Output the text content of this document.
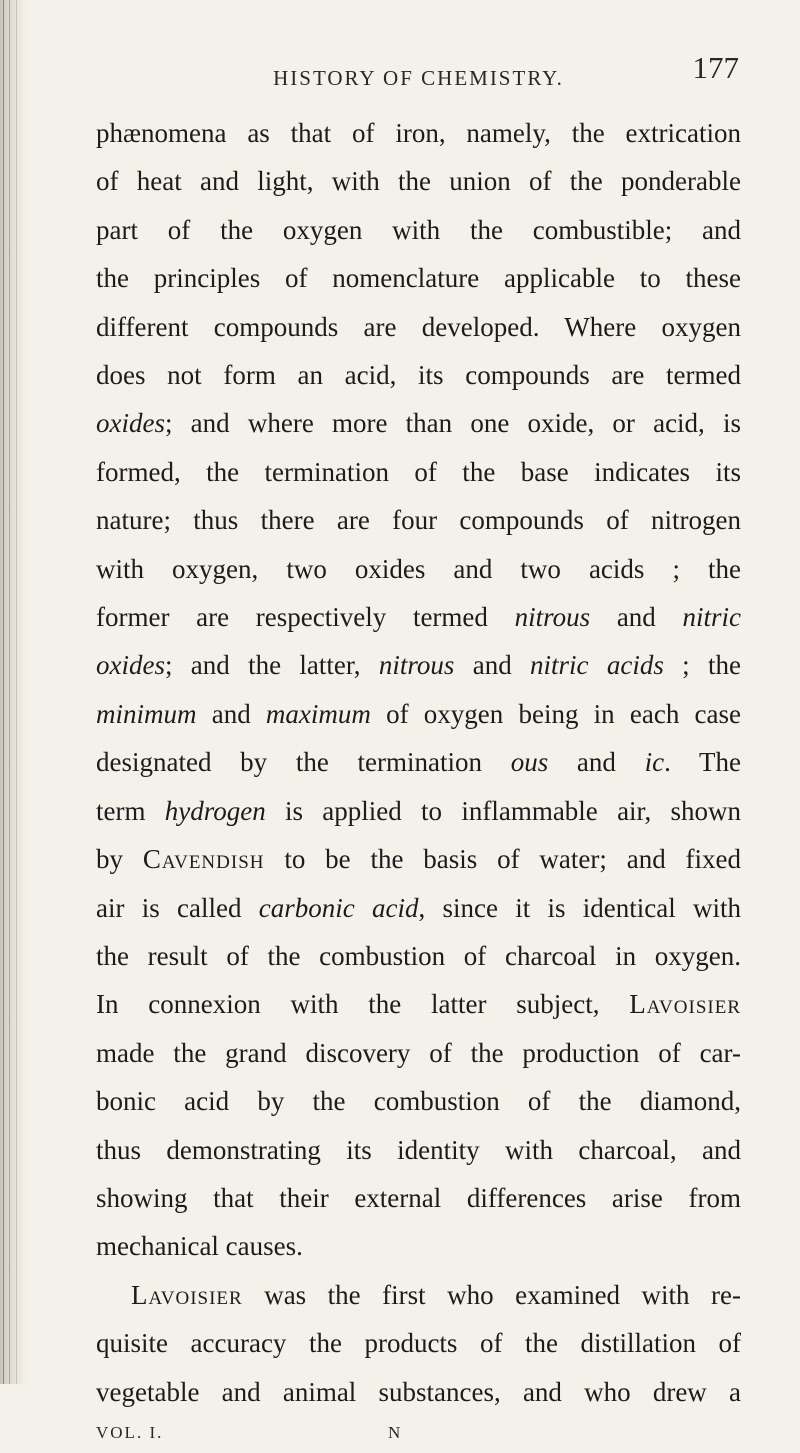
HISTORY OF CHEMISTRY.	177
phænomena as that of iron, namely, the extrication
of heat and light, with the union of the ponderable
part of the oxygen with the combustible; and
the principles of nomenclature applicable to these
different compounds are developed. Where oxygen
does not form an acid, its compounds are termed
oxides; and where more than one oxide, or acid, is
formed, the termination of the base indicates its
nature; thus there are four compounds of nitrogen
with oxygen, two oxides and two acids ; the
former are respectively termed nitrous and nitric
oxides; and the latter, nitrous and nitric acids ; the
minimum and maximum of oxygen being in each case
designated by the termination ous and ic. The
term hydrogen is applied to inflammable air, shown
by Cavendish to be the basis of water; and fixed
air is called carbonic acid, since it is identical with
the result of the combustion of charcoal in oxygen.
In connexion with the latter subject, Lavoisier
made the grand discovery of the production of car-
bonic acid by the combustion of the diamond,
thus demonstrating its identity with charcoal, and
showing that their external differences arise from
mechanical causes.
Lavoisier was the first who examined with re-
quisite accuracy the products of the distillation of
vegetable and animal substances, and who drew a
VOL. I.	N
